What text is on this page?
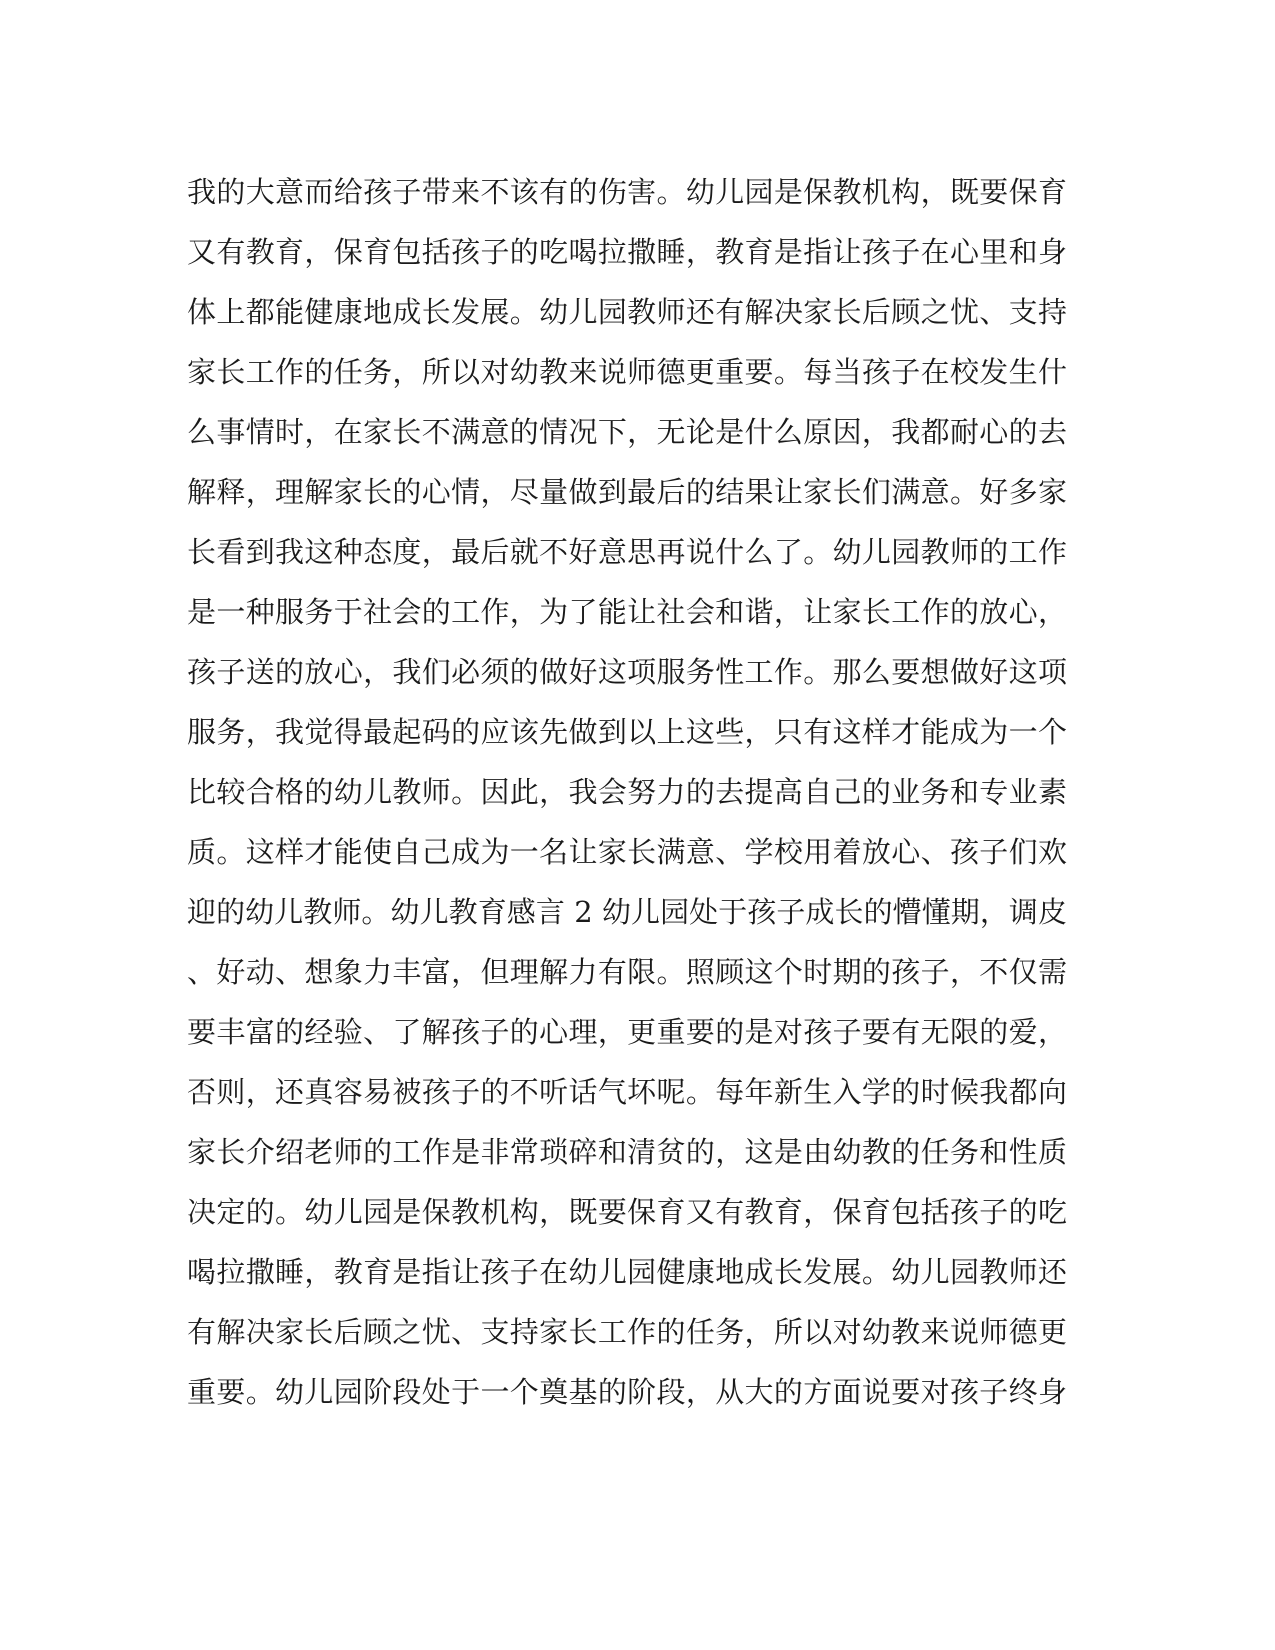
我的大意而给孩子带来不该有的伤害。幼儿园是保教机构，既要保育
又有教育，保育包括孩子的吃喝拉撒睡，教育是指让孩子在心里和身
体上都能健康地成长发展。幼儿园教师还有解决家长后顾之忧、支持
家长工作的任务，所以对幼教来说师德更重要。每当孩子在校发生什
么事情时，在家长不满意的情况下，无论是什么原因，我都耐心的去
解释，理解家长的心情，尽量做到最后的结果让家长们满意。好多家
长看到我这种态度，最后就不好意思再说什么了。幼儿园教师的工作
是一种服务于社会的工作，为了能让社会和谐，让家长工作的放心，
孩子送的放心，我们必须的做好这项服务性工作。那么要想做好这项
服务，我觉得最起码的应该先做到以上这些，只有这样才能成为一个
比较合格的幼儿教师。因此，我会努力的去提高自己的业务和专业素
质。这样才能使自己成为一名让家长满意、学校用着放心、孩子们欢
迎的幼儿教师。幼儿教育感言 2 幼儿园处于孩子成长的懵懂期，调皮
、好动、想象力丰富，但理解力有限。照顾这个时期的孩子，不仅需
要丰富的经验、了解孩子的心理，更重要的是对孩子要有无限的爱，
否则，还真容易被孩子的不听话气坏呢。每年新生入学的时候我都向
家长介绍老师的工作是非常琐碎和清贫的，这是由幼教的任务和性质
决定的。幼儿园是保教机构，既要保育又有教育，保育包括孩子的吃
喝拉撒睡，教育是指让孩子在幼儿园健康地成长发展。幼儿园教师还
有解决家长后顾之忧、支持家长工作的任务，所以对幼教来说师德更
重要。幼儿园阶段处于一个奠基的阶段，从大的方面说要对孩子终身
